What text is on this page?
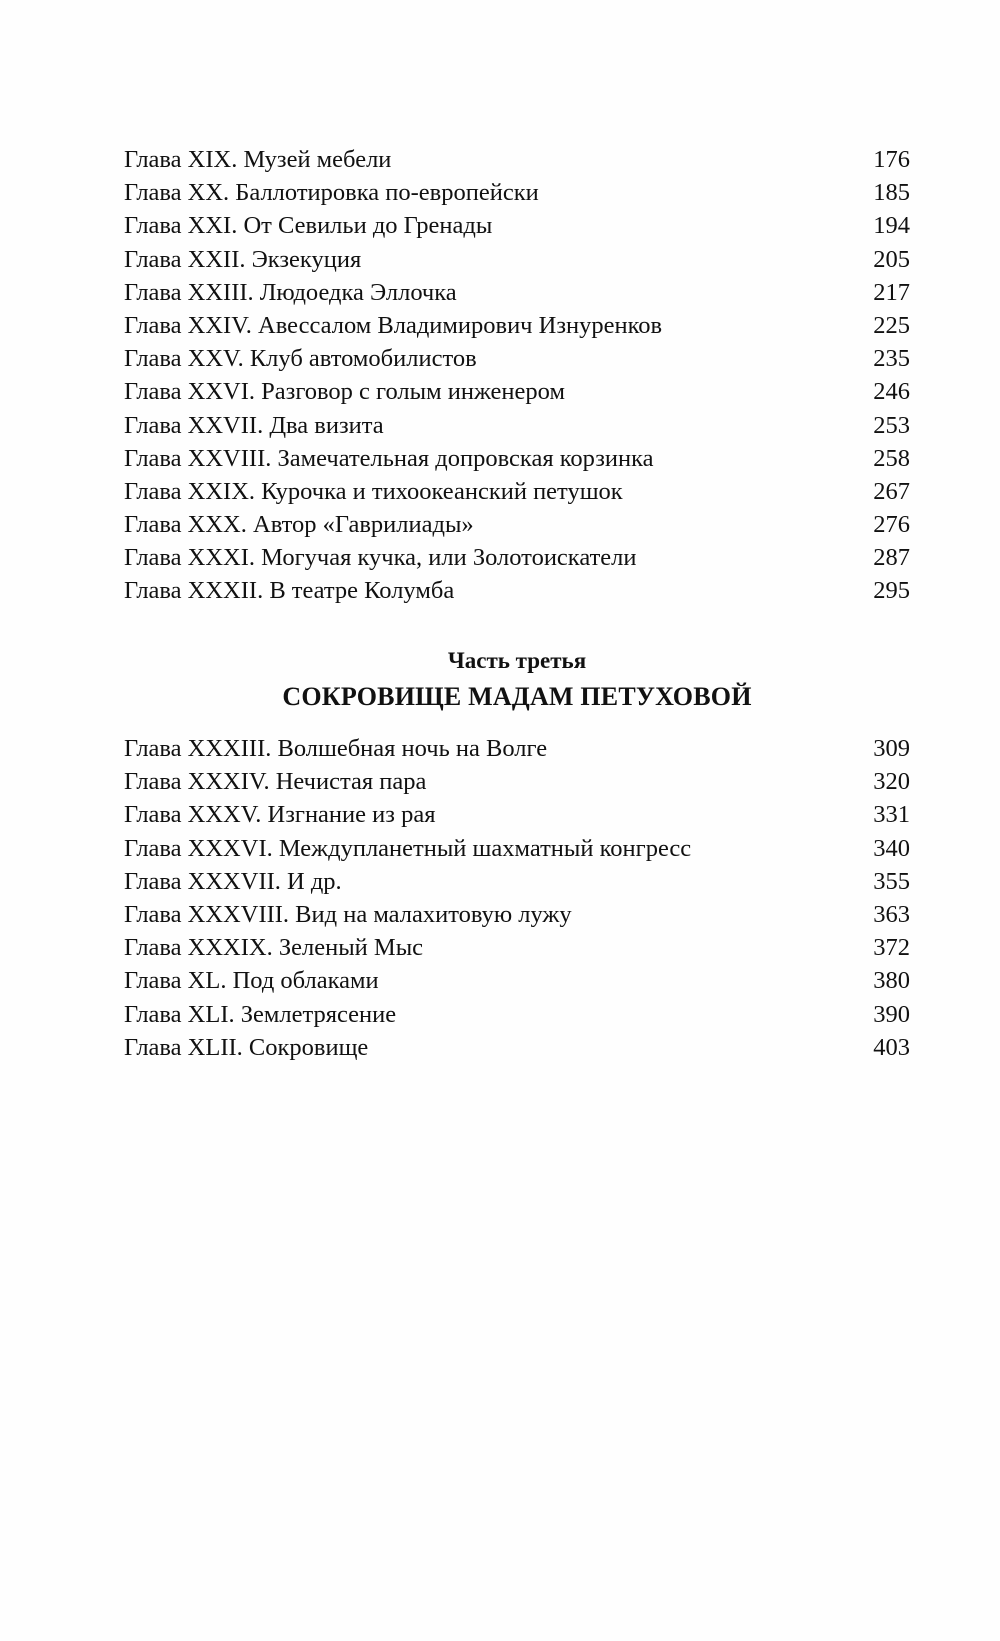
Глава XIX. Музей мебели . . .	176
Глава XX. Баллотировка по-европейски . . .	185
Глава XXI. От Севильи до Гренады . . .	194
Глава XXII. Экзекуция . . .	205
Глава XXIII. Людоедка Эллочка . . .	217
Глава XXIV. Авессалом Владимирович Изнуренков . . .	225
Глава XXV. Клуб автомобилистов . . .	235
Глава XXVI. Разговор с голым инженером . . .	246
Глава XXVII. Два визита . . .	253
Глава XXVIII. Замечательная допровская корзинка . . .	258
Глава XXIX. Курочка и тихоокеанский петушок . . .	267
Глава XXX. Автор «Гаврилиады» . . .	276
Глава XXXI. Могучая кучка, или Золотоискатели . . .	287
Глава XXXII. В театре Колумба . . .	295
Часть третья
СОКРОВИЩЕ МАДАМ ПЕТУХОВОЙ
Глава XXXIII. Волшебная ночь на Волге . . .	309
Глава XXXIV. Нечистая пара . . .	320
Глава XXXV. Изгнание из рая . . .	331
Глава XXXVI. Междупланетный шахматный конгресс . . .	340
Глава XXXVII. И др. . . .	355
Глава XXXVIII. Вид на малахитовую лужу . . .	363
Глава XXXIX. Зеленый Мыс . . .	372
Глава XL. Под облаками . . .	380
Глава XLI. Землетрясение . . .	390
Глава XLII. Сокровище . . .	403
